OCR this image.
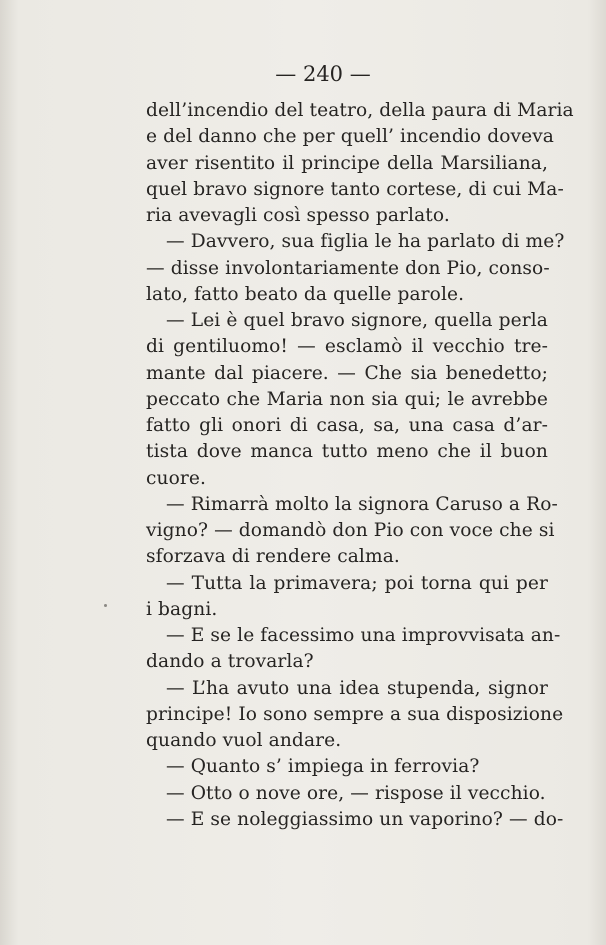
— 240 —
dell’incendio del teatro, della paura di Maria
e del danno che per quell’ incendio doveva
aver risentito il principe della Marsiliana,
quel bravo signore tanto cortese, di cui Ma-
ria avevagli così spesso parlato.
— Davvero, sua figlia le ha parlato di me?
— disse involontariamente don Pio, conso-
lato, fatto beato da quelle parole.
— Lei è quel bravo signore, quella perla
di gentiluomo! — esclamò il vecchio tre-
mante dal piacere. — Che sia benedetto;
peccato che Maria non sia qui; le avrebbe
fatto gli onori di casa, sa, una casa d’ar-
tista dove manca tutto meno che il buon
cuore.
— Rimarrà molto la signora Caruso a Ro-
vigno? — domandò don Pio con voce che si
sforzava di rendere calma.
— Tutta la primavera; poi torna qui per
i bagni.
— E se le facessimo una improvvisata an-
dando a trovarla?
— L’ha avuto una idea stupenda, signor
principe! Io sono sempre a sua disposizione
quando vuol andare.
— Quanto s’ impiega in ferrovia?
— Otto o nove ore, — rispose il vecchio.
— E se noleggiassimo un vaporino? — do-
